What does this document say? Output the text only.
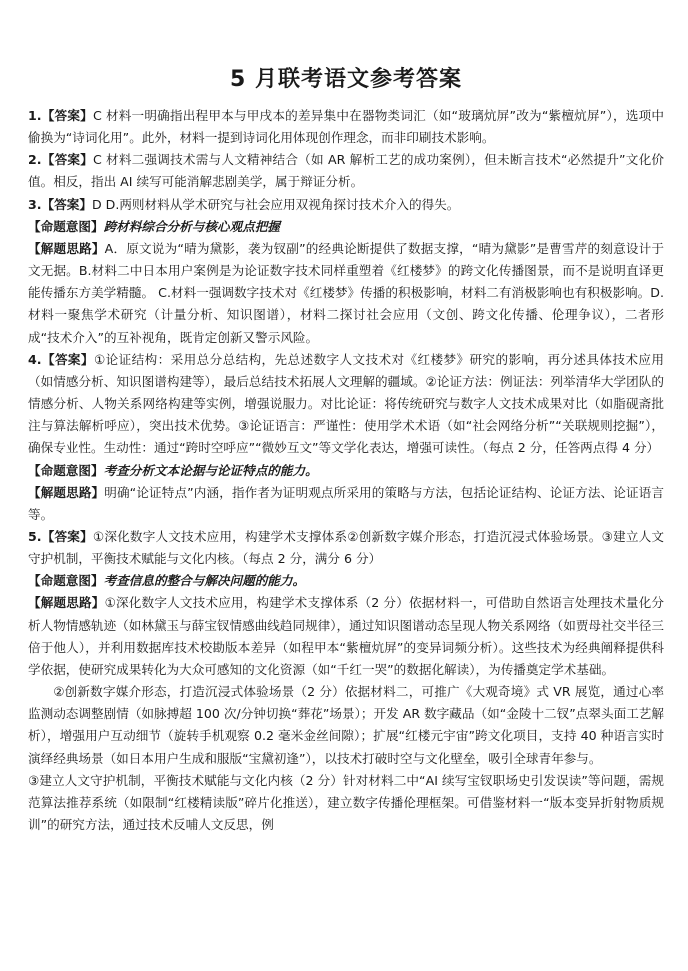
5 月联考语文参考答案

1.【答案】C 材料一明确指出程甲本与甲戌本的差异集中在器物类词汇（如“玻璃炕屏”改为“紫檀炕屏”），选项中偷换为“诗词化用”。此外，材料一提到诗词化用体现创作理念，而非印刷技术影响。

2.【答案】C 材料二强调技术需与人文精神结合（如 AR 解析工艺的成功案例），但未断言技术“必然提升”文化价值。相反，指出 AI 续写可能消解悲剧美学，属于辩证分析。

3.【答案】D D.两则材料从学术研究与社会应用双视角探讨技术介入的得失。

【命题意图】跨材料综合分析与核心观点把握

【解题思路】A．原文说为“晴为黛影，袭为钗副”的经典论断提供了数据支撑，“晴为黛影”是曹雪芹的刻意设计于文无据。B.材料二中日本用户案例是为论证数字技术同样重塑着《红楼梦》的跨文化传播图景，而不是说明直译更能传播东方美学精髓。 C.材料一强调数字技术对《红楼梦》传播的积极影响，材料二有消极影响也有积极影响。D.材料一聚焦学术研究（计量分析、知识图谱），材料二探讨社会应用（文创、跨文化传播、伦理争议），二者形成“技术介入”的互补视角，既肯定创新又警示风险。

4.【答案】①论证结构：采用总分总结构，先总述数字人文技术对《红楼梦》研究的影响，再分述具体技术应用（如情感分析、知识图谱构建等），最后总结技术拓展人文理解的疆域。②论证方法：例证法：列举清华大学团队的情感分析、人物关系网络构建等实例，增强说服力。对比论证：将传统研究与数字人文技术成果对比（如脂砚斋批注与算法解析呼应），突出技术优势。③论证语言：严谨性：使用学术术语（如“社会网络分析”“关联规则挖掘”），确保专业性。生动性：通过“跨时空呼应”“微妙互文”等文学化表达，增强可读性。（每点 2 分，任答两点得 4 分）

【命题意图】考查分析文本论据与论证特点的能力。

【解题思路】明确“论证特点”内涵，指作者为证明观点所采用的策略与方法，包括论证结构、论证方法、论证语言等。

5.【答案】①深化数字人文技术应用，构建学术支撑体系②创新数字媒介形态，打造沉浸式体验场景。③建立人文守护机制，平衡技术赋能与文化内核。（每点 2 分，满分 6 分）

【命题意图】考查信息的整合与解决问题的能力。

【解题思路】①深化数字人文技术应用，构建学术支撑体系（2 分）依据材料一，可借助自然语言处理技术量化分析人物情感轨迹（如林黛玉与薛宝钗情感曲线趋同规律），通过知识图谱动态呈现人物关系网络（如贾母社交半径三倍于他人），并利用数据库技术校勘版本差异（如程甲本“紫檀炕屏”的变异词频分析）。这些技术为经典阐释提供科学依据，使研究成果转化为大众可感知的文化资源（如“千红一哭”的数据化解读），为传播奠定学术基础。

②创新数字媒介形态，打造沉浸式体验场景（2 分）依据材料二，可推广《大观奇境》式 VR 展览，通过心率监测动态调整剧情（如脉搏超 100 次/分钟切换“葬花”场景）；开发 AR 数字藏品（如“金陵十二钗”点翠头面工艺解析），增强用户互动细节（旋转手机观察 0.2 毫米金丝间隙）；扩展“红楼元宇宙”跨文化项目，支持 40 种语言实时演绎经典场景（如日本用户生成和服版“宝黛初逢”），以技术打破时空与文化壁垒，吸引全球青年参与。

③建立人文守护机制，平衡技术赋能与文化内核（2 分）针对材料二中“AI 续写宝钗职场史引发误读”等问题，需规范算法推荐系统（如限制“红楼精读版”碎片化推送），建立数字传播伦理框架。可借鉴材料一“版本变异折射物质规训”的研究方法，通过技术反哺人文反思，例
